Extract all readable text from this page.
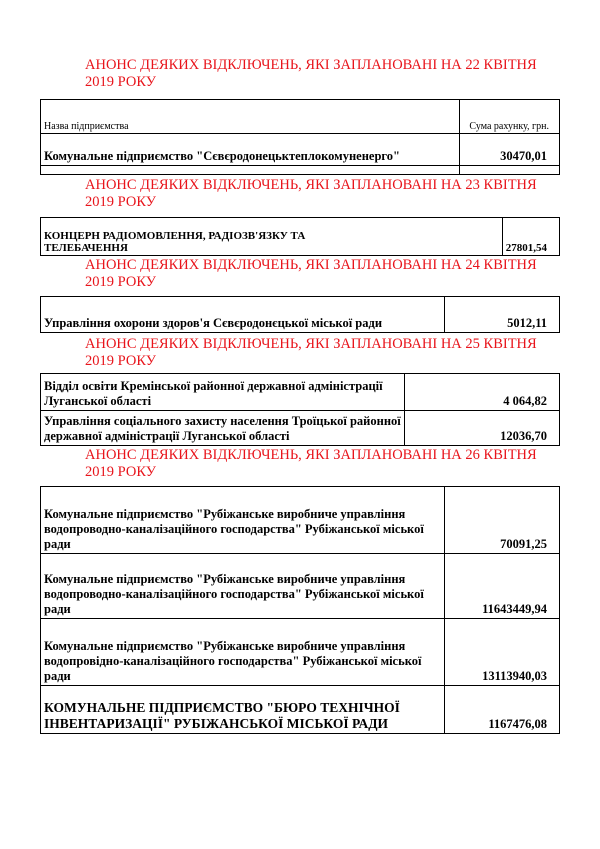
АНОНС ДЕЯКИХ ВІДКЛЮЧЕНЬ, ЯКІ ЗАПЛАНОВАНІ НА 22 КВІТНЯ 2019 РОКУ
Назва підприємства	Сума рахунку, грн.
Комунальне підприємство "Сєвєродонецьктеплокомуненерго"	30470,01

АНОНС ДЕЯКИХ ВІДКЛЮЧЕНЬ, ЯКІ ЗАПЛАНОВАНІ НА 23 КВІТНЯ 2019 РОКУ
КОНЦЕРН РАДІОМОВЛЕННЯ, РАДІОЗВ'ЯЗКУ ТА ТЕЛЕБАЧЕННЯ	27801,54
АНОНС ДЕЯКИХ ВІДКЛЮЧЕНЬ, ЯКІ ЗАПЛАНОВАНІ НА 24 КВІТНЯ 2019 РОКУ
Управління охорони здоров'я Сєвєродонєцької міської ради	5012,11
АНОНС ДЕЯКИХ ВІДКЛЮЧЕНЬ, ЯКІ ЗАПЛАНОВАНІ НА 25 КВІТНЯ 2019 РОКУ
Відділ освіти Кремінської районної державної адміністрації Луганської області	4 064,82
Управління соціального захисту населення Троїцької районної державної адміністрації Луганської області	12036,70
АНОНС ДЕЯКИХ ВІДКЛЮЧЕНЬ, ЯКІ ЗАПЛАНОВАНІ НА 26 КВІТНЯ 2019 РОКУ
Комунальне підприємство "Рубіжанське виробниче управління водопроводно-каналізаційного господарства" Рубіжанської міської ради	70091,25
Комунальне підприємство "Рубіжанське виробниче управління водопроводно-каналізаційного господарства" Рубіжанської міської ради	11643449,94
Комунальне підприємство "Рубіжанське виробниче управління водопровідно-каналізаційного господарства" Рубіжанської міської ради	13113940,03
КОМУНАЛЬНЕ ПІДПРИЄМСТВО "БЮРО ТЕХНІЧНОЇ ІНВЕНТАРИЗАЦІЇ" РУБІЖАНСЬКОЇ МІСЬКОЇ РАДИ	1167476,08
